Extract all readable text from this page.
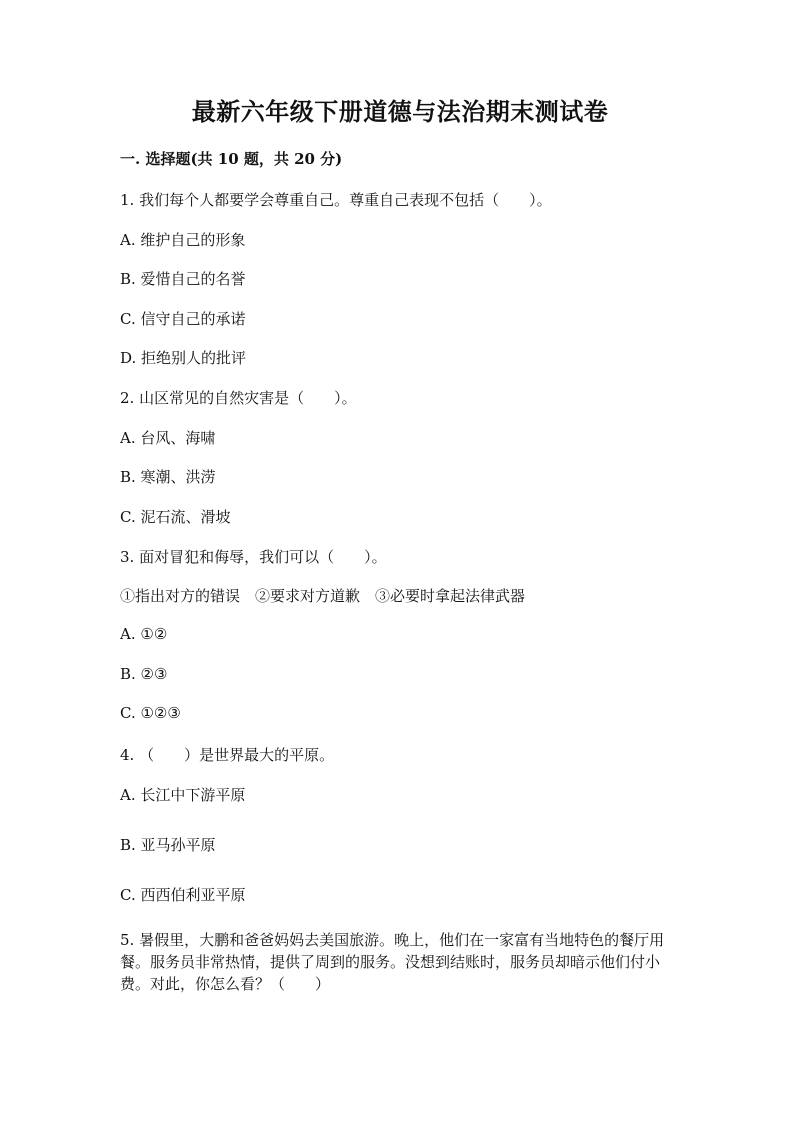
最新六年级下册道德与法治期末测试卷
一. 选择题(共 10 题，共 20 分)
1. 我们每个人都要学会尊重自己。尊重自己表现不包括（　　）。
A. 维护自己的形象
B. 爱惜自己的名誉
C. 信守自己的承诺
D. 拒绝别人的批评
2. 山区常见的自然灾害是（　　）。
A. 台风、海啸
B. 寒潮、洪涝
C. 泥石流、滑坡
3. 面对冒犯和侮辱，我们可以（　　）。
①指出对方的错误　②要求对方道歉　③必要时拿起法律武器
A. ①②
B. ②③
C. ①②③
4. （　　）是世界最大的平原。
A. 长江中下游平原
B. 亚马孙平原
C. 西西伯利亚平原
5. 暑假里，大鹏和爸爸妈妈去美国旅游。晚上，他们在一家富有当地特色的餐厅用餐。服务员非常热情，提供了周到的服务。没想到结账时，服务员却暗示他们付小费。对此，你怎么看？（　　）
